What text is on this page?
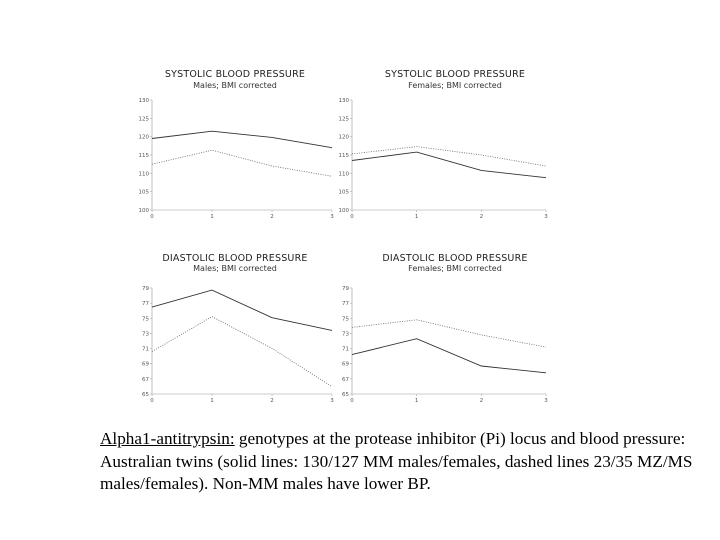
SYSTOLIC BLOOD PRESSURE
Males; BMI corrected
100
105
110
115
120
125
130
0	1	2	3
SYSTOLIC BLOOD PRESSURE
Females; BMI corrected
100
105
110
115
120
125
130
0	1	2	3
DIASTOLIC BLOOD PRESSURE
Males; BMI corrected
65
67
69
71
73
75
77
79
0	1	2	3
DIASTOLIC BLOOD PRESSURE
Females; BMI corrected
65
67
69
71
73
75
77
79
0	1	2	3
Alpha1-antitrypsin: genotypes at the protease inhibitor (Pi) locus and blood pressure: Australian twins (solid lines: 130/127 MM males/females, dashed lines 23/35 MZ/MS males/females). Non-MM males have lower BP.
